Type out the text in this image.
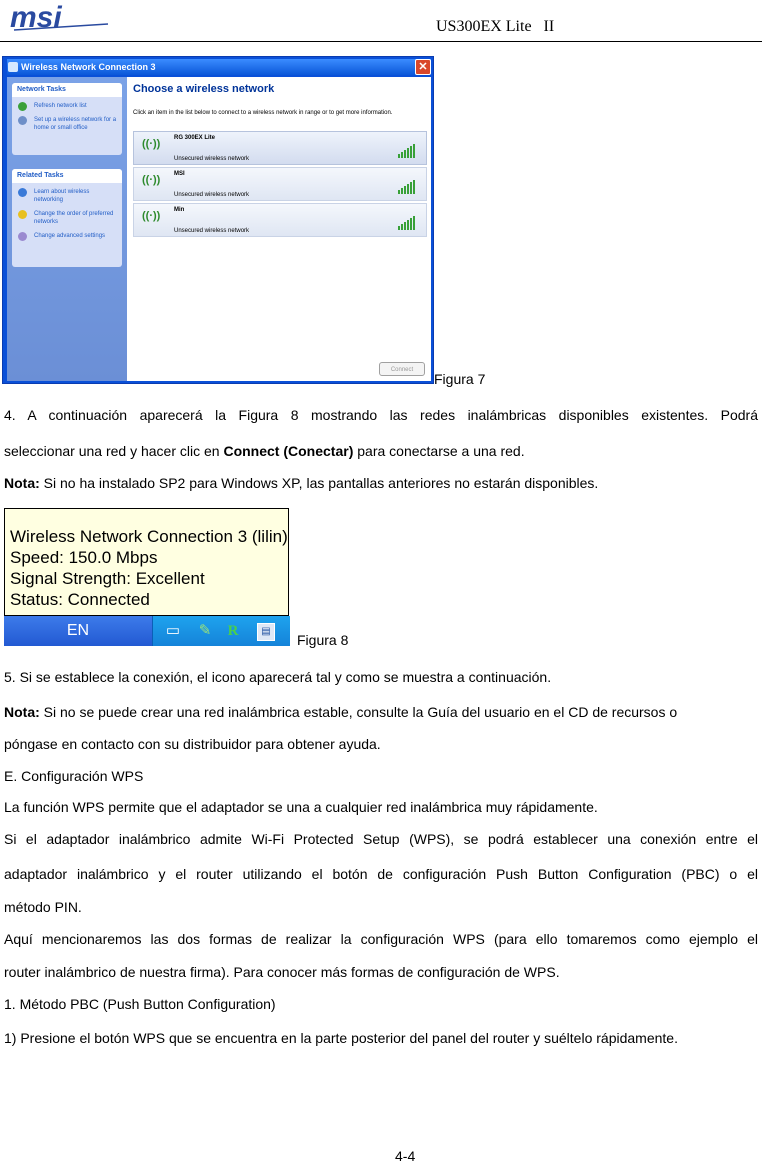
msi	US300EX Lite   II
Wireless Network Connection 3	✕
Network Tasks
Refresh network list
Set up a wireless network for a home or small office
Related Tasks
Learn about wireless networking
Change the order of preferred networks
Change advanced settings
Choose a wireless network
Click an item in the list below to connect to a wireless network in range or to get more information.
((·)) RG 300EX Lite
Unsecured wireless network
((·)) MSI
Unsecured wireless network
((·)) Min
Unsecured wireless network
Connect
Figura 7
4. A continuación aparecerá la Figura 8 mostrando las redes inalámbricas disponibles existentes. Podrá
seleccionar una red y hacer clic en Connect (Conectar) para conectarse a una red.
Nota: Si no ha instalado SP2 para Windows XP, las pantallas anteriores no estarán disponibles.
Wireless Network Connection 3 (lilin)
Speed: 150.0 Mbps
Signal Strength: Excellent
Status: Connected
EN	▭ ✎ R	▤
Figura 8
5. Si se establece la conexión, el icono aparecerá tal y como se muestra a continuación.
Nota: Si no se puede crear una red inalámbrica estable, consulte la Guía del usuario en el CD de recursos o
póngase en contacto con su distribuidor para obtener ayuda.
E. Configuración WPS
La función WPS permite que el adaptador se una a cualquier red inalámbrica muy rápidamente.
Si el adaptador inalámbrico admite Wi-Fi Protected Setup (WPS), se podrá establecer una conexión entre el
adaptador inalámbrico y el router utilizando el botón de configuración Push Button Configuration (PBC) o el
método PIN.
Aquí mencionaremos las dos formas de realizar la configuración WPS (para ello tomaremos como ejemplo el
router inalámbrico de nuestra firma). Para conocer más formas de configuración de WPS.
1. Método PBC (Push Button Configuration)
1) Presione el botón WPS que se encuentra en la parte posterior del panel del router y suéltelo rápidamente.
4-4
